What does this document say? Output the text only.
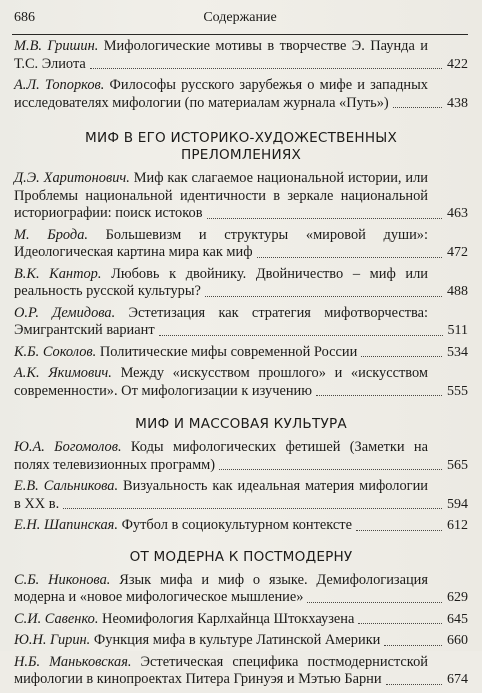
686	Содержание
М.В. Гришин. Мифологические мотивы в творчестве Э. Паунда и Т.С. Элиота	422
А.Л. Топорков. Философы русского зарубежья о мифе и западных исследователях мифологии (по материалам журнала «Путь»)	438
МИФ В ЕГО ИСТОРИКО-ХУДОЖЕСТВЕННЫХ ПРЕЛОМЛЕНИЯХ
Д.Э. Харитонович. Миф как слагаемое национальной истории, или Проблемы национальной идентичности в зеркале национальной историографии: поиск истоков	463
М. Брода. Большевизм и структуры «мировой души»: Идеологическая картина мира как миф	472
В.К. Кантор. Любовь к двойнику. Двойничество – миф или реальность русской культуры?	488
О.Р. Демидова. Эстетизация как стратегия мифотворчества: Эмигрантский вариант	511
К.Б. Соколов. Политические мифы современной России	534
А.К. Якимович. Между «искусством прошлого» и «искусством современности». От мифологизации к изучению	555
МИФ И МАССОВАЯ КУЛЬТУРА
Ю.А. Богомолов. Коды мифологических фетишей (Заметки на полях телевизионных программ)	565
Е.В. Сальникова. Визуальность как идеальная материя мифологии в ХХ в.	594
Е.Н. Шапинская. Футбол в социокультурном контексте	612
ОТ МОДЕРНА К ПОСТМОДЕРНУ
С.Б. Никонова. Язык мифа и миф о языке. Демифологизация модерна и «новое мифологическое мышление»	629
С.И. Савенко. Неомифология Карлхайнца Штокхаузена	645
Ю.Н. Гирин. Функция мифа в культуре Латинской Америки	660
Н.Б. Маньковская. Эстетическая специфика постмодернистской мифологии в кинопроектах Питера Гринуэя и Мэтью Барни	674
